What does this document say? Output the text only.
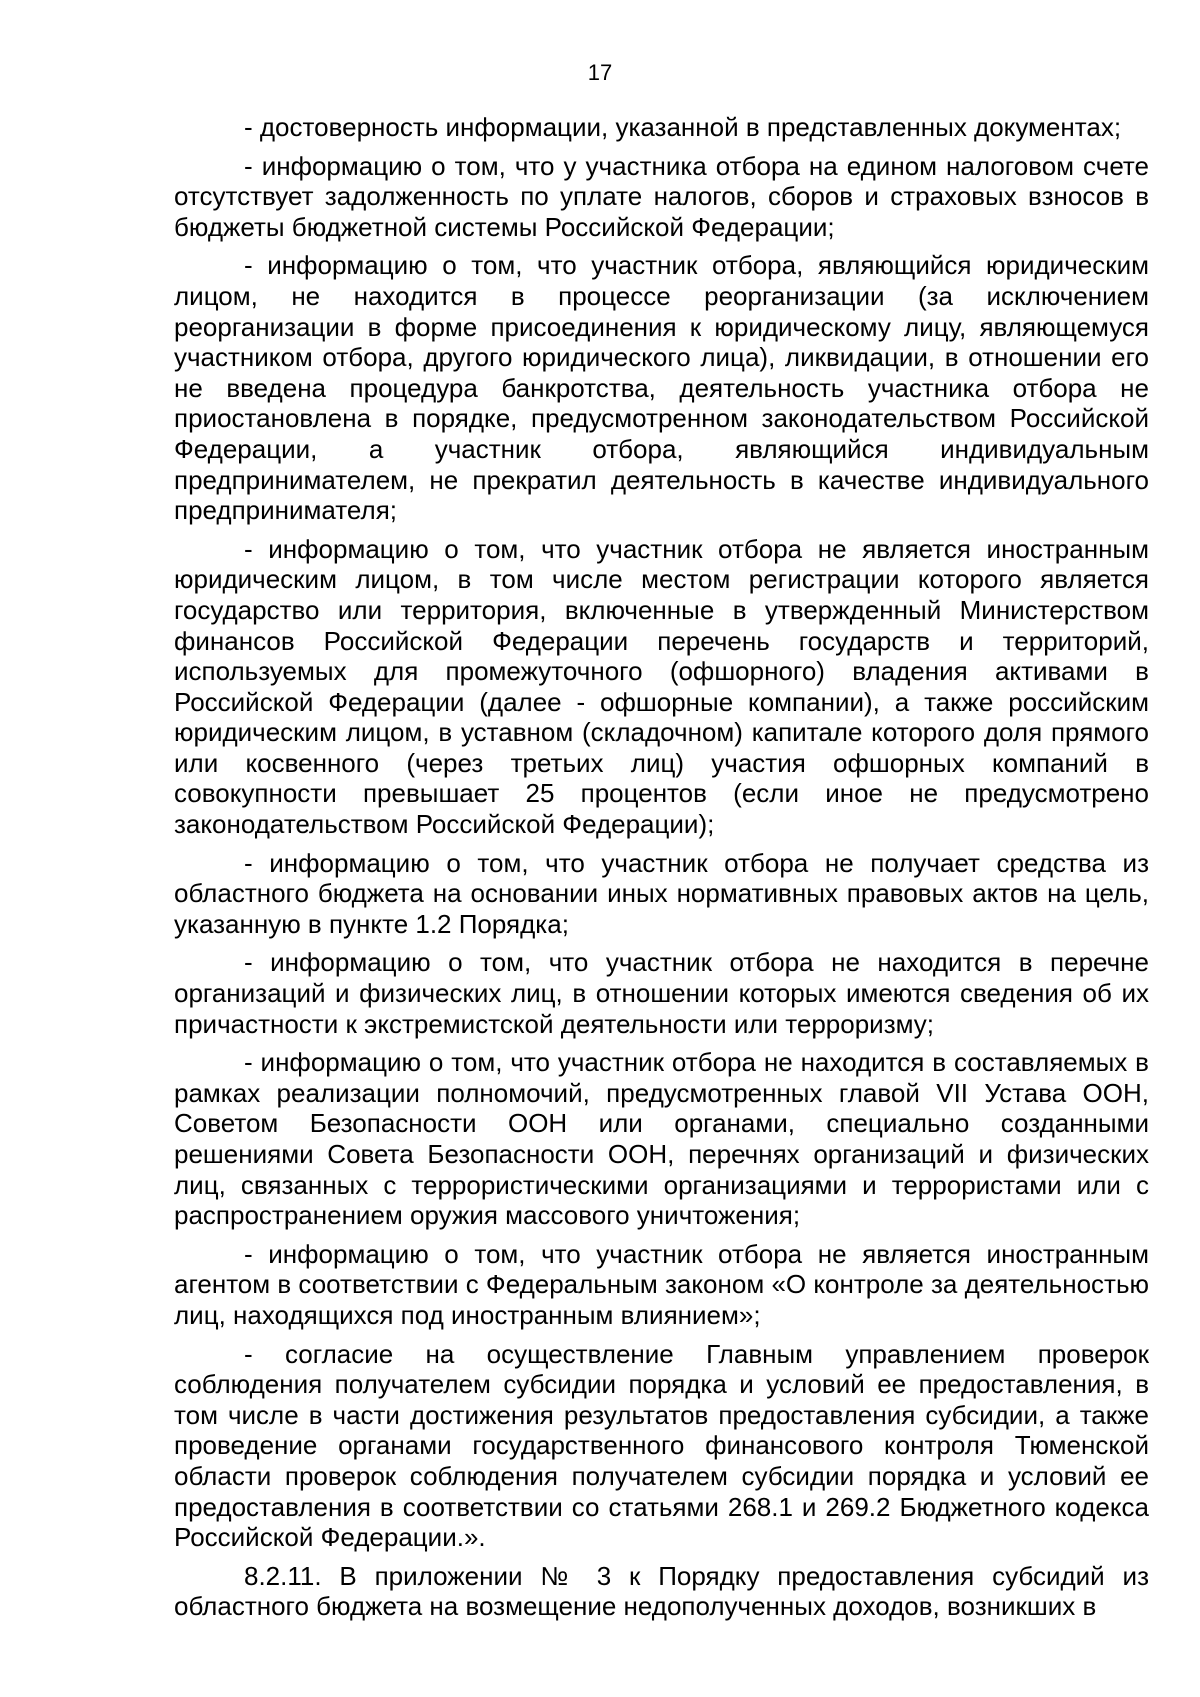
17

- достоверность информации, указанной в представленных документах;

- информацию о том, что у участника отбора на едином налоговом счете отсутствует задолженность по уплате налогов, сборов и страховых взносов в бюджеты бюджетной системы Российской Федерации;

- информацию о том, что участник отбора, являющийся юридическим лицом, не находится в процессе реорганизации (за исключением реорганизации в форме присоединения к юридическому лицу, являющемуся участником отбора, другого юридического лица), ликвидации, в отношении его не введена процедура банкротства, деятельность участника отбора не приостановлена в порядке, предусмотренном законодательством Российской Федерации, а участник отбора, являющийся индивидуальным предпринимателем, не прекратил деятельность в качестве индивидуального предпринимателя;

- информацию о том, что участник отбора не является иностранным юридическим лицом, в том числе местом регистрации которого является государство или территория, включенные в утвержденный Министерством финансов Российской Федерации перечень государств и территорий, используемых для промежуточного (офшорного) владения активами в Российской Федерации (далее - офшорные компании), а также российским юридическим лицом, в уставном (складочном) капитале которого доля прямого или косвенного (через третьих лиц) участия офшорных компаний в совокупности превышает 25 процентов (если иное не предусмотрено законодательством Российской Федерации);

- информацию о том, что участник отбора не получает средства из областного бюджета на основании иных нормативных правовых актов на цель, указанную в пункте 1.2 Порядка;

- информацию о том, что участник отбора не находится в перечне организаций и физических лиц, в отношении которых имеются сведения об их причастности к экстремистской деятельности или терроризму;

- информацию о том, что участник отбора не находится в составляемых в рамках реализации полномочий, предусмотренных главой VII Устава ООН, Советом Безопасности ООН или органами, специально созданными решениями Совета Безопасности ООН, перечнях организаций и физических лиц, связанных с террористическими организациями и террористами или с распространением оружия массового уничтожения;

- информацию о том, что участник отбора не является иностранным агентом в соответствии с Федеральным законом «О контроле за деятельностью лиц, находящихся под иностранным влиянием»;

- согласие на осуществление Главным управлением проверок соблюдения получателем субсидии порядка и условий ее предоставления, в том числе в части достижения результатов предоставления субсидии, а также проведение органами государственного финансового контроля Тюменской области проверок соблюдения получателем субсидии порядка и условий ее предоставления в соответствии со статьями 268.1 и 269.2 Бюджетного кодекса Российской Федерации.».

8.2.11. В приложении № 3 к Порядку предоставления субсидий из областного бюджета на возмещение недополученных доходов, возникших в
